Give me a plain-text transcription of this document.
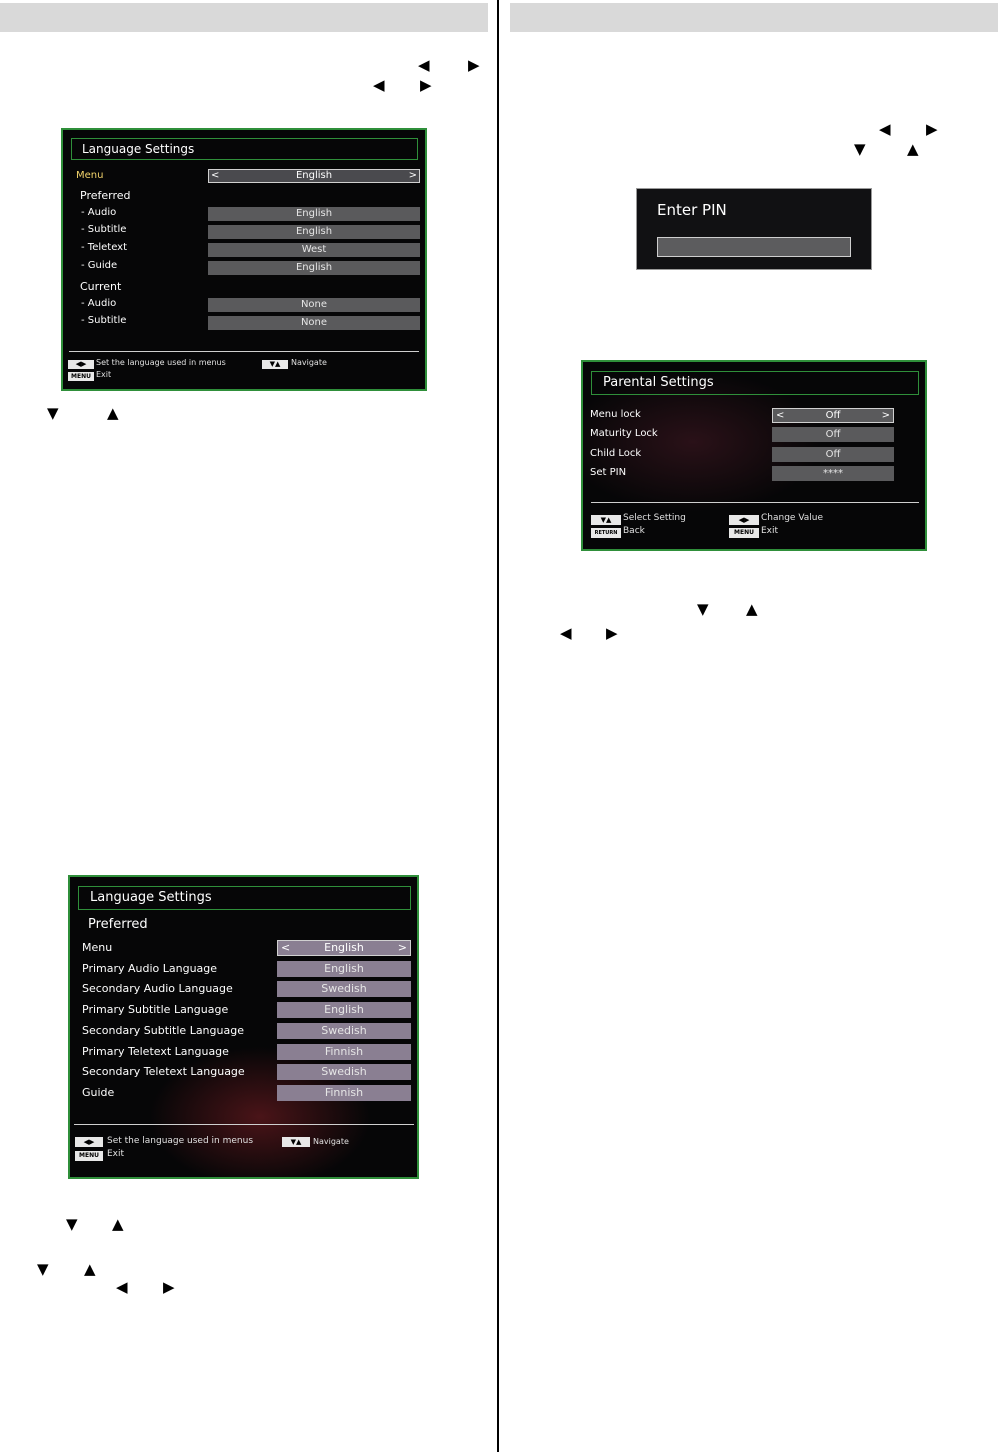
◀	▶
◀ ▶
▼	▲
▼ ▲
▼ ▲
◀ ▶
◀ ▶
▼	▲
▼ ▲
◀ ▶
Language Settings
Menu	<	English	>
Preferred
- Audio	English
- Subtitle	English
- Teletext	West
- Guide	English
Current
- Audio	None
- Subtitle	None
◀▶	Set the language used in menus
MENU Exit
▼▲	Navigate
Language Settings
Preferred
Menu	<	English	>
Primary Audio Language	English
Secondary Audio Language	Swedish
Primary Subtitle Language	English
Secondary Subtitle Language	Swedish
Primary Teletext Language	Finnish
Secondary Teletext Language	Swedish
Guide	Finnish
◀▶	Set the language used in menus
MENU Exit
▼▲	Navigate
Enter PIN
Parental Settings
Menu lock	<	Off	>
Maturity Lock	Off
Child Lock	Off
Set PIN	****
▼▲	Select Setting
RETURN Back
◀▶	Change Value
MENU Exit
